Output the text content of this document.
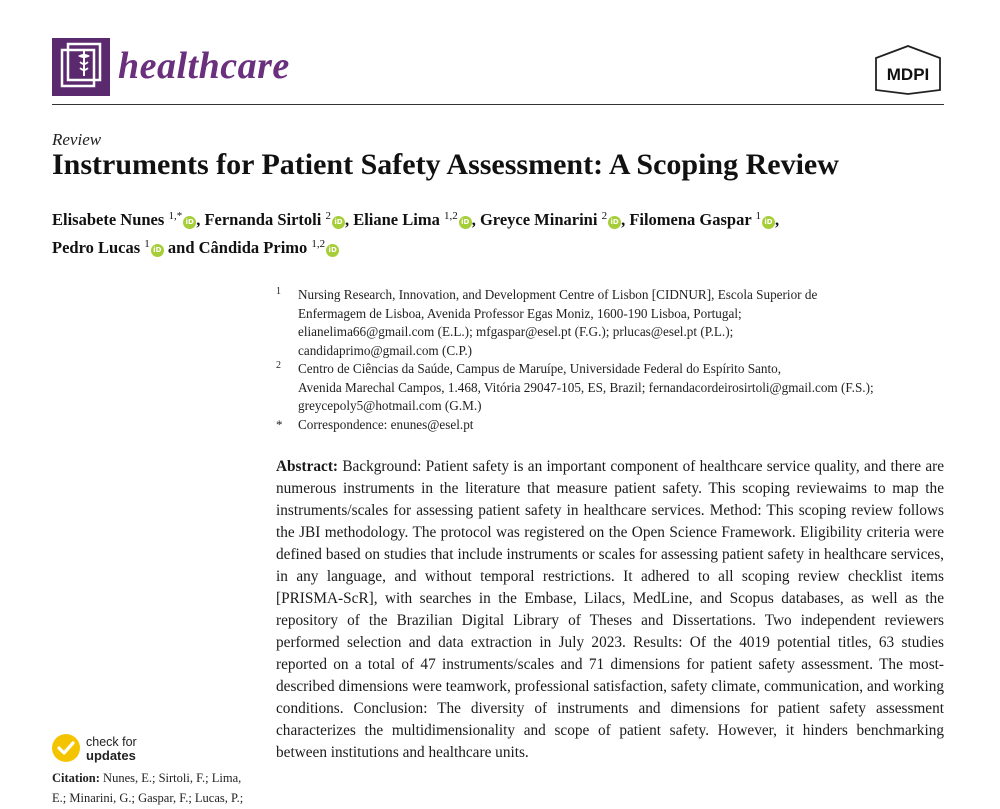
healthcare	MDPI
Review
Instruments for Patient Safety Assessment: A Scoping Review
Elisabete Nunes $^{1,*}$ iD , Fernanda Sirtoli $^2$ iD , Eliane Lima $^{1,2}$ iD , Greyce Minarini $^2$ iD , Filomena Gaspar $^1$ iD ,
Pedro Lucas $^1$ iD and Cândida Primo $^{1,2}$ iD
1 Nursing Research, Innovation, and Development Centre of Lisbon [CIDNUR], Escola Superior de
Enfermagem de Lisboa, Avenida Professor Egas Moniz, 1600-190 Lisboa, Portugal;
elianelima66@gmail.com (E.L.); mfgaspar@esel.pt (F.G.); prlucas@esel.pt (P.L.);
candidaprimo@gmail.com (C.P.)
2 Centro de Ciências da Saúde, Campus de Maruípe, Universidade Federal do Espírito Santo,
Avenida Marechal Campos, 1.468, Vitória 29047-105, ES, Brazil; fernandacordeirosirtoli@gmail.com (F.S.);
greycepoly5@hotmail.com (G.M.)
* Correspondence: enunes@esel.pt
Abstract: Background: Patient safety is an important component of healthcare service quality, and there are numerous instruments in the literature that measure patient safety. This scoping reviewaims to map the instruments/scales for assessing patient safety in healthcare services. Method: This scoping review follows the JBI methodology. The protocol was registered on the Open Science Framework. Eligibility criteria were defined based on studies that include instruments or scales for assessing patient safety in healthcare services, in any language, and without temporal restrictions. It adhered to all scoping review checklist items [PRISMA-ScR], with searches in the Embase, Lilacs, MedLine, and Scopus databases, as well as the repository of the Brazilian Digital Library of Theses and Dissertations. Two independent reviewers performed selection and data extraction in July 2023. Results: Of the 4019 potential titles, 63 studies reported on a total of 47 instruments/scales and 71 dimensions for patient safety assessment. The most-described dimensions were teamwork, professional satisfaction, safety climate, communication, and working conditions. Conclusion: The diversity of instruments and dimensions for patient safety assessment characterizes the multidimensionality and scope of patient safety. However, it hinders benchmarking between institutions and healthcare units.
check for
updates
Citation: Nunes, E.; Sirtoli, F.; Lima, E.; Minarini, G.; Gaspar, F.; Lucas, P.;
